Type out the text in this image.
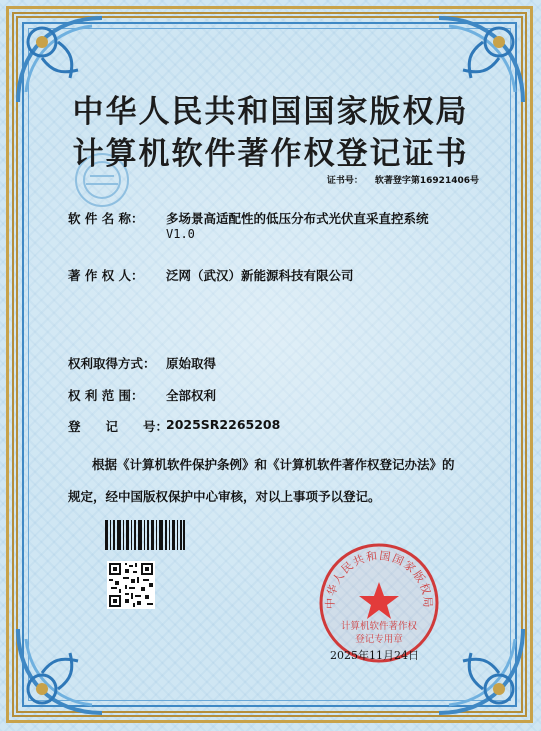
中华人民共和国国家版权局
计算机软件著作权登记证书
证书号： 软著登字第16921406号
软 件 名 称： 多场景高适配性的低压分布式光伏直采直控系统
V1.0
著 作 权 人： 泛网（武汉）新能源科技有限公司
权利取得方式： 原始取得
权 利 范 围： 全部权利
登　　记　　号：2025SR2265208
根据《计算机软件保护条例》和《计算机软件著作权登记办法》的
规定，经中国版权保护中心审核，对以上事项予以登记。
中华人民共和国国家版权局
计算机软件著作权
登记专用章
2025年11月24日
